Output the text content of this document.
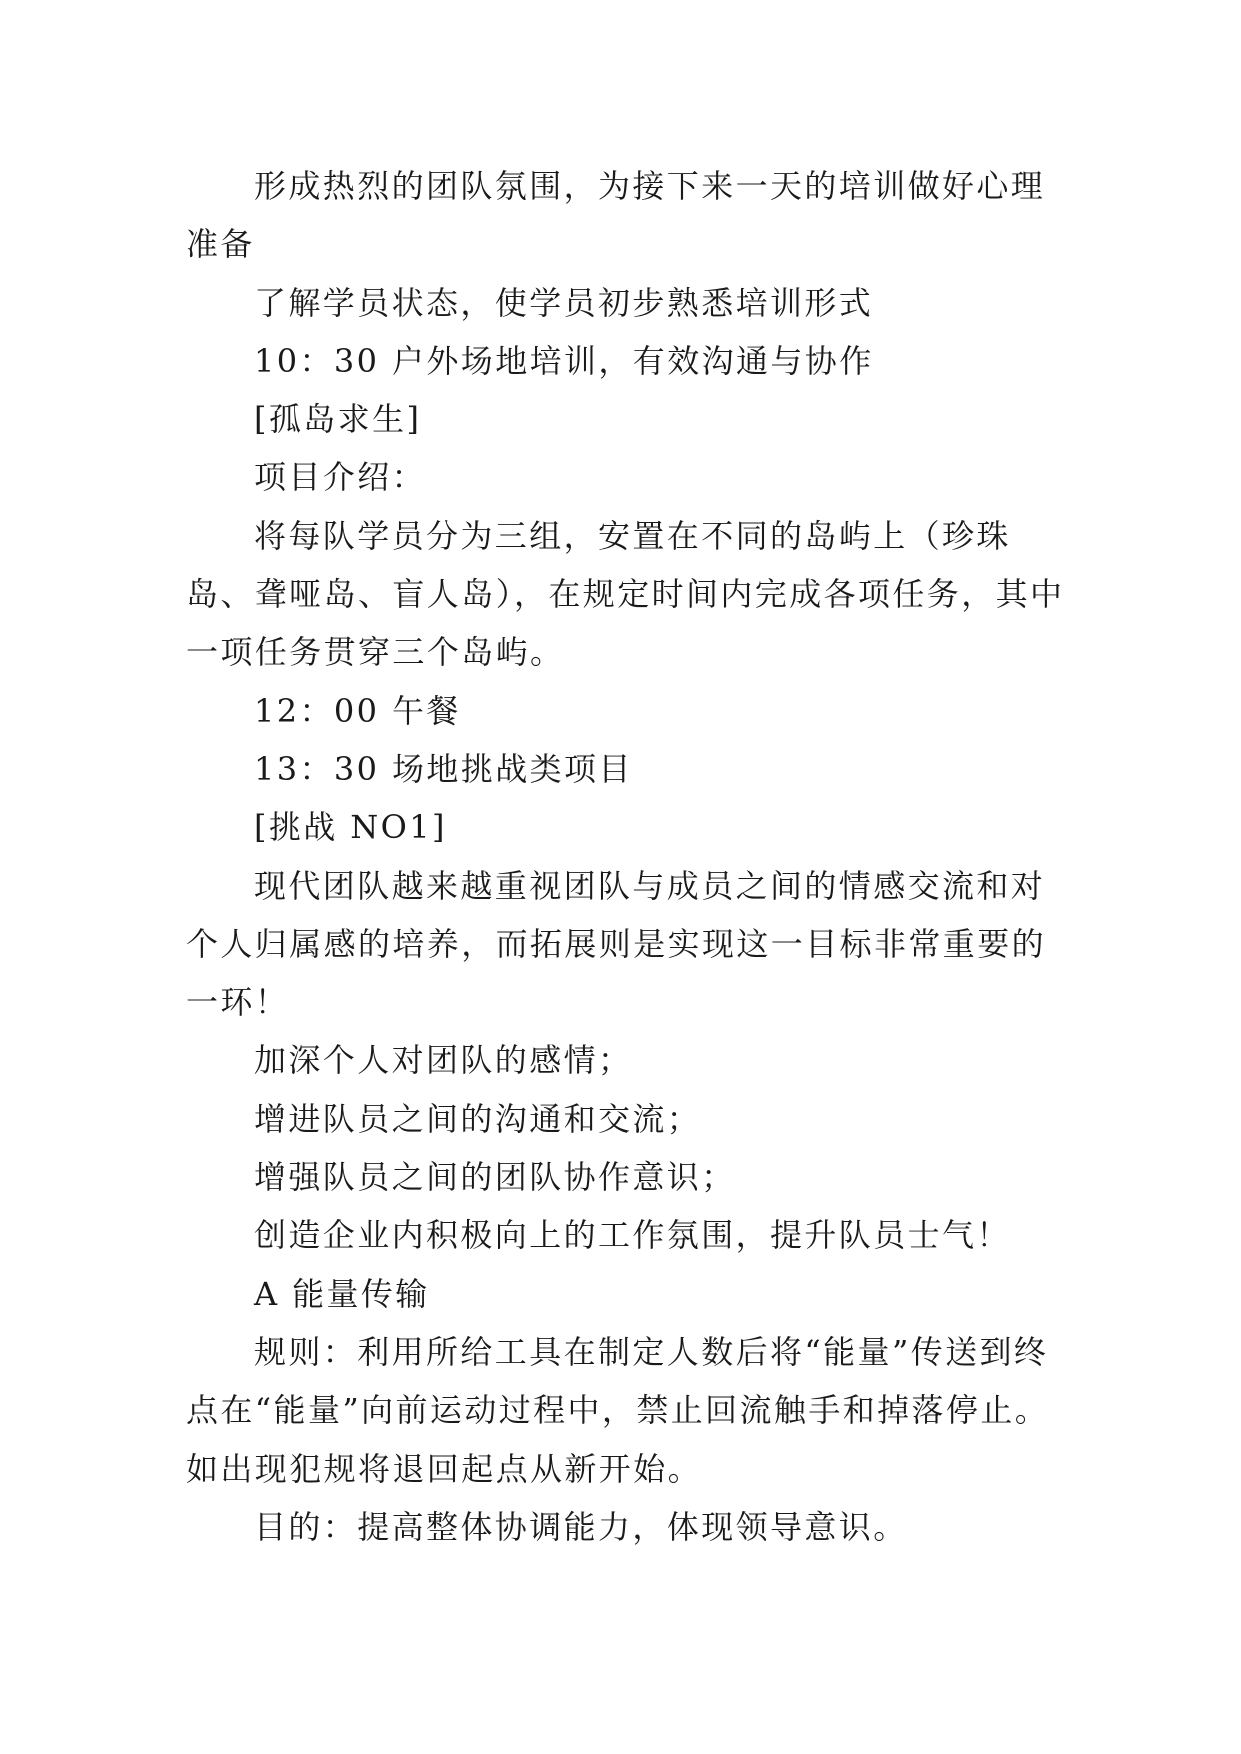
形成热烈的团队氛围，为接下来一天的培训做好心理准备

了解学员状态，使学员初步熟悉培训形式

10：30 户外场地培训，有效沟通与协作

[孤岛求生]

项目介绍：

将每队学员分为三组，安置在不同的岛屿上（珍珠岛、聋哑岛、盲人岛），在规定时间内完成各项任务，其中一项任务贯穿三个岛屿。

12：00 午餐

13：30 场地挑战类项目

[挑战 NO1]

现代团队越来越重视团队与成员之间的情感交流和对个人归属感的培养，而拓展则是实现这一目标非常重要的一环！

加深个人对团队的感情；

增进队员之间的沟通和交流；

增强队员之间的团队协作意识；

创造企业内积极向上的工作氛围，提升队员士气！

A 能量传输

规则：利用所给工具在制定人数后将“能量”传送到终点在“能量”向前运动过程中，禁止回流触手和掉落停止。如出现犯规将退回起点从新开始。

目的：提高整体协调能力，体现领导意识。
